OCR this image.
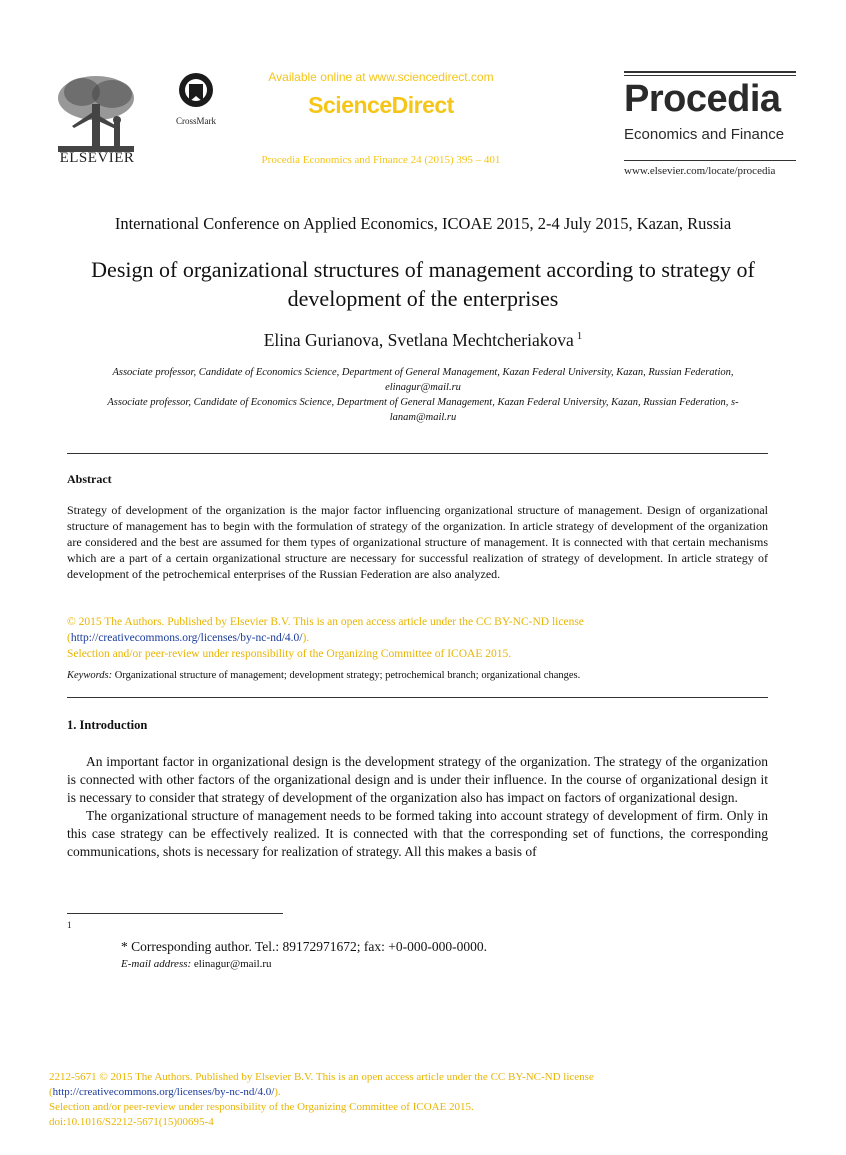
ELSEVIER
CrossMark
Available online at www.sciencedirect.com
ScienceDirect
Procedia Economics and Finance 24 (2015) 395 – 401
Procedia
Economics and Finance
www.elsevier.com/locate/procedia
International Conference on Applied Economics, ICOAE 2015, 2-4 July 2015, Kazan, Russia
Design of organizational structures of management according to strategy of development of the enterprises
Elina Gurianova, Svetlana Mechtcheriakova $^1$
Associate professor, Candidate of Economics Science, Department of General Management, Kazan Federal University, Kazan, Russian Federation, elinagur@mail.ru
Associate professor, Candidate of Economics Science, Department of General Management, Kazan Federal University, Kazan, Russian Federation, s-lanam@mail.ru
Abstract
Strategy of development of the organization is the major factor influencing organizational structure of management. Design of organizational structure of management has to begin with the formulation of strategy of the organization. In article strategy of development of the organization are considered and the best are assumed for them types of organizational structure of management. It is connected with that certain mechanisms which are a part of a certain organizational structure are necessary for successful realization of strategy of development. In article strategy of development of the petrochemical enterprises of the Russian Federation are also analyzed.
© 2015 The Authors. Published by Elsevier B.V. This is an open access article under the CC BY-NC-ND license
(http://creativecommons.org/licenses/by-nc-nd/4.0/).
Selection and/or peer-review under responsibility of the Organizing Committee of ICOAE 2015.
Keywords: Organizational structure of management; development strategy; petrochemical branch; organizational changes.
1. Introduction

An important factor in organizational design is the development strategy of the organization. The strategy of the organization is connected with other factors of the organizational design and is under their influence. In the course of organizational design it is necessary to consider that strategy of development of the organization also has impact on factors of organizational design.

The organizational structure of management needs to be formed taking into account strategy of development of firm. Only in this case strategy can be effectively realized. It is connected with that the corresponding set of functions, the corresponding communications, shots is necessary for realization of strategy. All this makes a basis of

1
* Corresponding author. Tel.: 89172971672; fax: +0-000-000-0000.
E-mail address: elinagur@mail.ru
2212-5671 © 2015 The Authors. Published by Elsevier B.V. This is an open access article under the CC BY-NC-ND license
(http://creativecommons.org/licenses/by-nc-nd/4.0/).
Selection and/or peer-review under responsibility of the Organizing Committee of ICOAE 2015.
doi:10.1016/S2212-5671(15)00695-4
